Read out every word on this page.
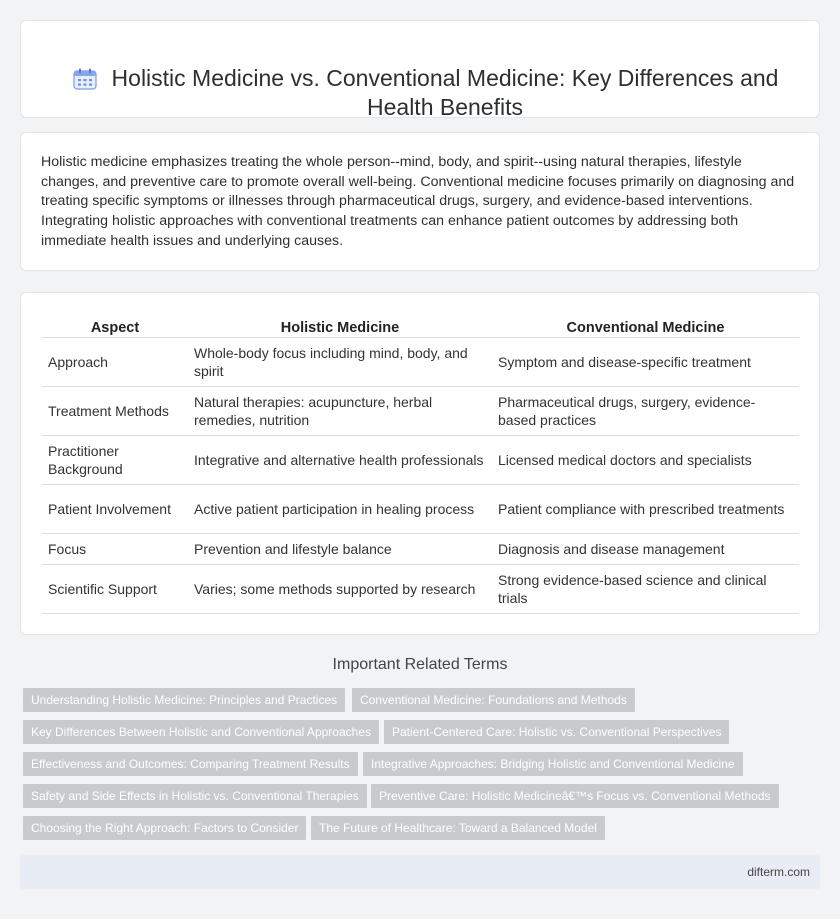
Holistic Medicine vs. Conventional Medicine: Key Differences and Health Benefits

Holistic medicine emphasizes treating the whole person--mind, body, and spirit--using natural therapies, lifestyle changes, and preventive care to promote overall well-being. Conventional medicine focuses primarily on diagnosing and treating specific symptoms or illnesses through pharmaceutical drugs, surgery, and evidence-based interventions. Integrating holistic approaches with conventional treatments can enhance patient outcomes by addressing both immediate health issues and underlying causes.

Aspect	Holistic Medicine	Conventional Medicine
Approach	Whole-body focus including mind, body, and spirit	Symptom and disease-specific treatment
Treatment Methods	Natural therapies: acupuncture, herbal remedies, nutrition	Pharmaceutical drugs, surgery, evidence-based practices
Practitioner Background	Integrative and alternative health professionals	Licensed medical doctors and specialists
Patient Involvement	Active patient participation in healing process	Patient compliance with prescribed treatments
Focus	Prevention and lifestyle balance	Diagnosis and disease management
Scientific Support	Varies; some methods supported by research	Strong evidence-based science and clinical trials
Important Related Terms
Understanding Holistic Medicine: Principles and Practices	Conventional Medicine: Foundations and Methods
Key Differences Between Holistic and Conventional Approaches	Patient-Centered Care: Holistic vs. Conventional Perspectives
Effectiveness and Outcomes: Comparing Treatment Results	Integrative Approaches: Bridging Holistic and Conventional Medicine
Safety and Side Effects in Holistic vs. Conventional Therapies	Preventive Care: Holistic Medicineâ€™s Focus vs. Conventional Methods
Choosing the Right Approach: Factors to Consider	The Future of Healthcare: Toward a Balanced Model
difterm.com
